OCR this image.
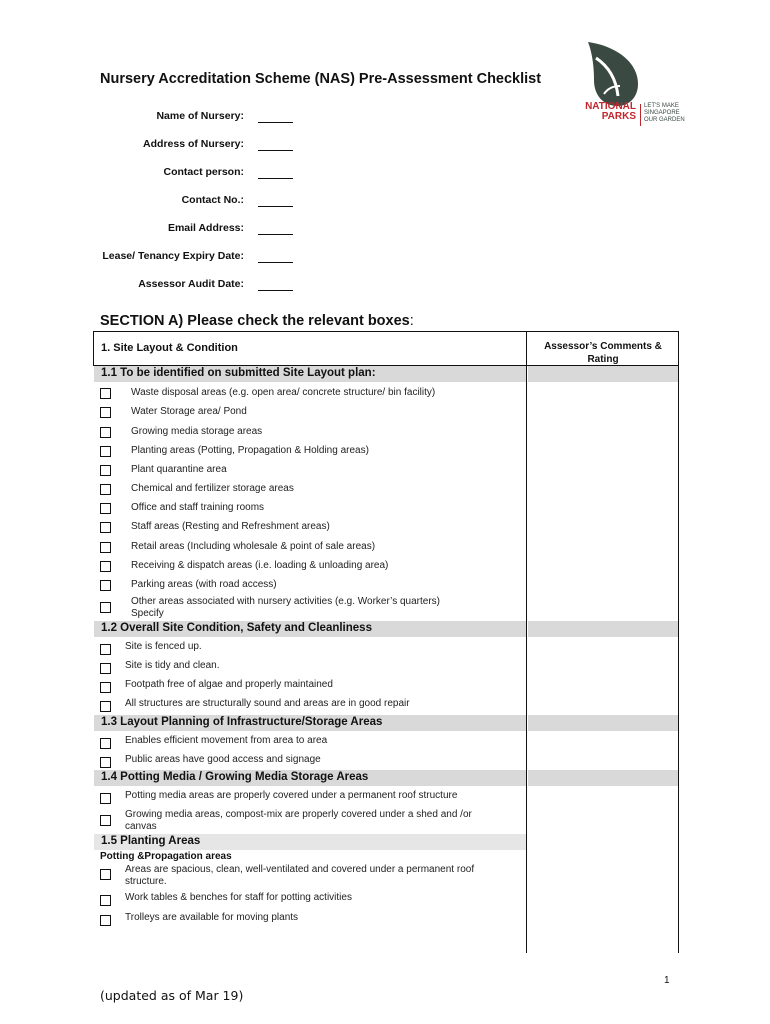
Nursery Accreditation Scheme (NAS) Pre-Assessment Checklist
NATIONAL
PARKS
LET'S MAKE
SINGAPORE
OUR GARDEN
Name of Nursery:
Address of Nursery:
Contact person:
Contact No.:
Email Address:
Lease/ Tenancy Expiry Date:
Assessor Audit Date:
SECTION A) Please check the relevant boxes:
1. Site Layout & Condition	Assessor’s Comments & Rating
1.1 To be identified on submitted Site Layout plan:
Waste disposal areas (e.g. open area/ concrete structure/ bin facility)
Water Storage area/ Pond
Growing media storage areas
Planting areas (Potting, Propagation & Holding areas)
Plant quarantine area
Chemical and fertilizer storage areas
Office and staff training rooms
Staff areas (Resting and Refreshment areas)
Retail areas (Including wholesale & point of sale areas)
Receiving & dispatch areas (i.e. loading & unloading area)
Parking areas (with road access)
Other areas associated with nursery activities (e.g. Worker’s quarters) Specify
1.2 Overall Site Condition, Safety and Cleanliness
Site is fenced up.
Site is tidy and clean.
Footpath free of algae and properly maintained
All structures are structurally sound and areas are in good repair
1.3 Layout Planning of Infrastructure/Storage Areas
Enables efficient movement from area to area
Public areas have good access and signage
1.4 Potting Media / Growing Media Storage Areas
Potting media areas are properly covered under a permanent roof structure
Growing media areas, compost-mix are properly covered under a shed and /or canvas
1.5 Planting Areas
Potting &Propagation areas
Areas are spacious, clean, well-ventilated and covered under a permanent roof structure.
Work tables & benches for staff for potting activities
Trolleys are available for moving plants
1
(updated as of Mar 19)
